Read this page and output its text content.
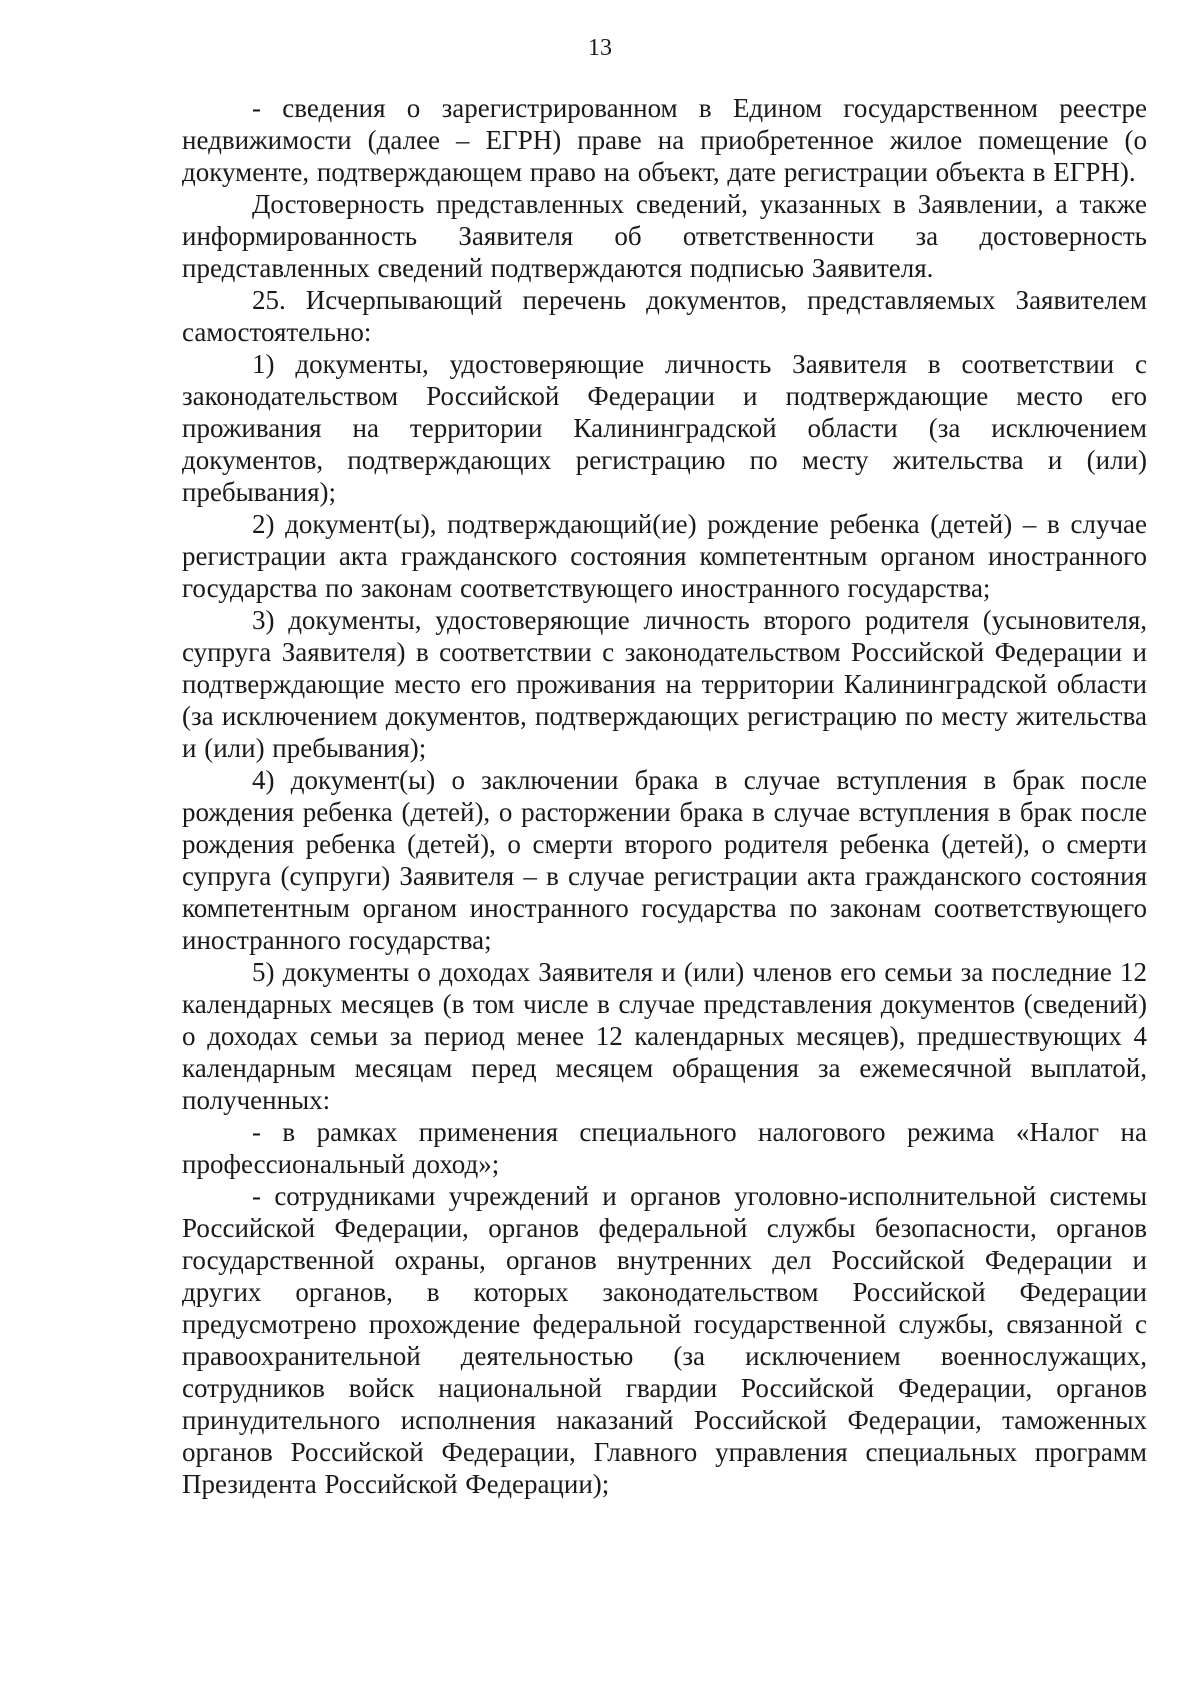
13

- сведения о зарегистрированном в Едином государственном реестре недвижимости (далее – ЕГРН) праве на приобретенное жилое помещение (о документе, подтверждающем право на объект, дате регистрации объекта в ЕГРН).

Достоверность представленных сведений, указанных в Заявлении, а также информированность Заявителя об ответственности за достоверность представленных сведений подтверждаются подписью Заявителя.

25. Исчерпывающий перечень документов, представляемых Заявителем самостоятельно:

1) документы, удостоверяющие личность Заявителя в соответствии с законодательством Российской Федерации и подтверждающие место его проживания на территории Калининградской области (за исключением документов, подтверждающих регистрацию по месту жительства и (или) пребывания);

2) документ(ы), подтверждающий(ие) рождение ребенка (детей) – в случае регистрации акта гражданского состояния компетентным органом иностранного государства по законам соответствующего иностранного государства;

3) документы, удостоверяющие личность второго родителя (усыновителя, супруга Заявителя) в соответствии с законодательством Российской Федерации и подтверждающие место его проживания на территории Калининградской области (за исключением документов, подтверждающих регистрацию по месту жительства и (или) пребывания);

4) документ(ы) о заключении брака в случае вступления в брак после рождения ребенка (детей), о расторжении брака в случае вступления в брак после рождения ребенка (детей), о смерти второго родителя ребенка (детей), о смерти супруга (супруги) Заявителя – в случае регистрации акта гражданского состояния компетентным органом иностранного государства по законам соответствующего иностранного государства;

5) документы о доходах Заявителя и (или) членов его семьи за последние 12 календарных месяцев (в том числе в случае представления документов (сведений) о доходах семьи за период менее 12 календарных месяцев), предшествующих 4 календарным месяцам перед месяцем обращения за ежемесячной выплатой, полученных:

- в рамках применения специального налогового режима «Налог на профессиональный доход»;

- сотрудниками учреждений и органов уголовно-исполнительной системы Российской Федерации, органов федеральной службы безопасности, органов государственной охраны, органов внутренних дел Российской Федерации и других органов, в которых законодательством Российской Федерации предусмотрено прохождение федеральной государственной службы, связанной с правоохранительной деятельностью (за исключением военнослужащих, сотрудников войск национальной гвардии Российской Федерации, органов принудительного исполнения наказаний Российской Федерации, таможенных органов Российской Федерации, Главного управления специальных программ Президента Российской Федерации);
